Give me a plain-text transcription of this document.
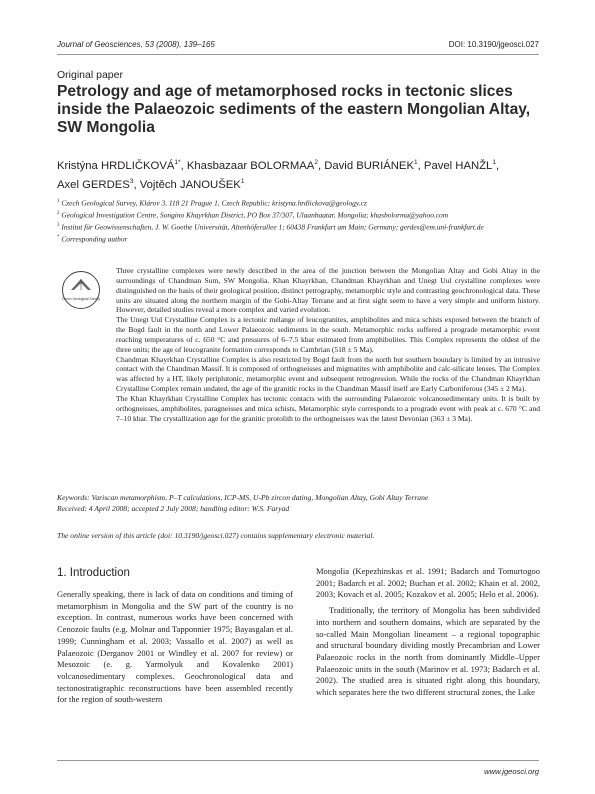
Journal of Geosciences, 53 (2008), 139–165	DOI: 10.3190/jgeosci.027
Original paper
Petrology and age of metamorphosed rocks in tectonic slices inside the Palaeozoic sediments of the eastern Mongolian Altay, SW Mongolia
Kristýna $HRDLIČKOVÁ^{1*}$, Khasbazaar BOLORMAA$^2$, David BURIÁNEK$^1$, Pavel HANŽL$^1$,
Axel GERDES$^3$, Vojtěch JANOUŠEK$^1$
$^1$ Czech Geological Survey, Klárov 3, 118 21 Prague 1, Czech Republic; kristyna.hrdlickova@geology.cz
$^2$ Geological Investigation Centre, Songino Khayrkhan District, PO Box 37/307, Ulaanbaatar, Mongolia; khasbolorma@yahoo.com
$^3$ Institut für Geowissenschaften, J. W. Goethe Universität, Altenhöferallee 1; 60438 Frankfurt am Main; Germany; gerdes@em.uni-frankfurt.de
* Corresponding author
Czech Geological Survey

Three crystalline complexes were newly described in the area of the junction between the Mongolian Altay and Gobi Altay in the surroundings of Chandman Sum, SW Mongolia. Khan Khayrkhan, Chandman Khayrkhan and Unegt Uul crystalline complexes were distinguished on the basis of their geological position, distinct petrography, metamorphic style and contrasting geochronological data. These units are situated along the northern margin of the Gobi-Altay Terrane and at first sight seem to have a very simple and uniform history. However, detailed studies reveal a more complex and varied evolution.

The Unegt Uul Crystalline Complex is a tectonic mélange of leucogranites, amphibolites and mica schists exposed between the branch of the Bogd fault in the north and Lower Palaeozoic sediments in the south. Metamorphic rocks suffered a prograde metamorphic event reaching temperatures of c. 650 °C and pressures of 6–7.5 kbar estimated from amphibolites. This Complex represents the oldest of the three units; the age of leucogranite formation corresponds to Cambrian (518 ± 5 Ma).

Chandman Khayrkhan Crystalline Complex is also restricted by Bogd fault from the north but southern boundary is limited by an intrusive contact with the Chandman Massif. It is composed of orthogneisses and migmatites with amphibolite and calc-silicate lenses. The Complex was affected by a HT, likely periplutonic, metamorphic event and subsequent retrogression. While the rocks of the Chandman Khayrkhan Crystalline Complex remain undated, the age of the granitic rocks in the Chandman Massif itself are Early Carboniferous (345 ± 2 Ma).

The Khan Khayrkhan Crystalline Complex has tectonic contacts with the surrounding Palaeozoic volcanosedimentary units. It is built by orthogneisses, amphibolites, paragneisses and mica schists. Metamorphic style corresponds to a prograde event with peak at c. 670 °C and 7–10 kbar. The crystallization age for the granitic protolith to the orthogneisses was the latest Devonian (363 ± 3 Ma).

Keywords: Variscan metamorphism, P–T calculations, ICP-MS, U-Pb zircon dating, Mongolian Altay, Gobi Altay Terrane
Received: 4 April 2008; accepted 2 July 2008; handling editor: W.S. Faryad
The online version of this article (doi: 10.3190/jgeosci.027) contains supplementary electronic material.
1. Introduction

Generally speaking, there is lack of data on conditions and timing of metamorphism in Mongolia and the SW part of the country is no exception. In contrast, numerous works have been concerned with Cenozoic faults (e.g. Molnar and Tapponnier 1975; Bayasgalan et al. 1999; Cunningham et al. 2003; Vassallo et al. 2007) as well as Palaeozoic (Derganov 2001 or Windley et al. 2007 for review) or Mesozoic (e. g. Yarmolyuk and Kovalenko 2001) volcanosedimentary complexes. Geochronological data and tectonostratigraphic reconstructions have been assembled recently for the region of south-western

Mongolia (Kepezhinskas et al. 1991; Badarch and Tomurtogoo 2001; Badarch et al. 2002; Buchan et al. 2002; Khain et al. 2002, 2003; Kovach et al. 2005; Kozakov et al. 2005; Helo et al. 2006).

Traditionally, the territory of Mongolia has been subdivided into northern and southern domains, which are separated by the so-called Main Mongolian lineament – a regional topographic and structural boundary dividing mostly Precambrian and Lower Palaeozoic rocks in the north from dominantly Middle–Upper Palaeozoic units in the south (Marinov et al. 1973; Badarch et al. 2002). The studied area is situated right along this boundary, which separates here the two different structural zones, the Lake

www.jgeosci.org
